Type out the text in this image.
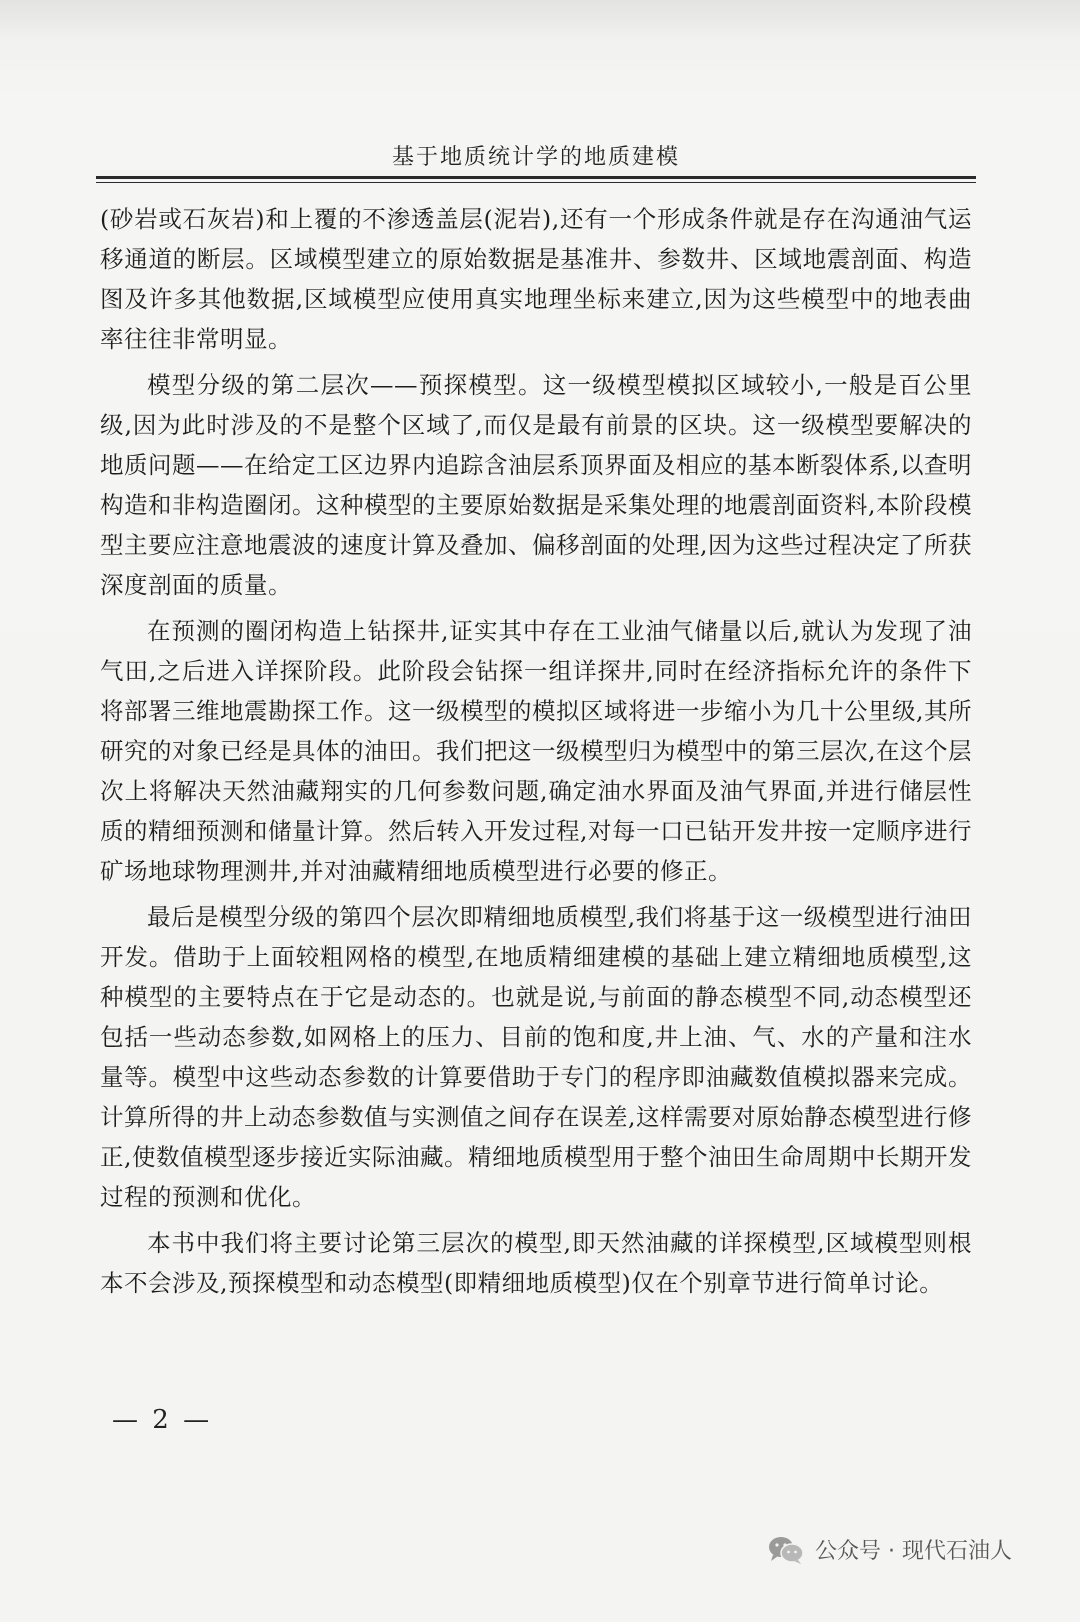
基于地质统计学的地质建模

(砂岩或石灰岩)和上覆的不渗透盖层(泥岩),还有一个形成条件就是存在沟通油气运移通道的断层。区域模型建立的原始数据是基准井、参数井、区域地震剖面、构造图及许多其他数据,区域模型应使用真实地理坐标来建立,因为这些模型中的地表曲率往往非常明显。

模型分级的第二层次——预探模型。这一级模型模拟区域较小,一般是百公里级,因为此时涉及的不是整个区域了,而仅是最有前景的区块。这一级模型要解决的地质问题——在给定工区边界内追踪含油层系顶界面及相应的基本断裂体系,以查明构造和非构造圈闭。这种模型的主要原始数据是采集处理的地震剖面资料,本阶段模型主要应注意地震波的速度计算及叠加、偏移剖面的处理,因为这些过程决定了所获深度剖面的质量。

在预测的圈闭构造上钻探井,证实其中存在工业油气储量以后,就认为发现了油气田,之后进入详探阶段。此阶段会钻探一组详探井,同时在经济指标允许的条件下将部署三维地震勘探工作。这一级模型的模拟区域将进一步缩小为几十公里级,其所研究的对象已经是具体的油田。我们把这一级模型归为模型中的第三层次,在这个层次上将解决天然油藏翔实的几何参数问题,确定油水界面及油气界面,并进行储层性质的精细预测和储量计算。然后转入开发过程,对每一口已钻开发井按一定顺序进行矿场地球物理测井,并对油藏精细地质模型进行必要的修正。

最后是模型分级的第四个层次即精细地质模型,我们将基于这一级模型进行油田开发。借助于上面较粗网格的模型,在地质精细建模的基础上建立精细地质模型,这种模型的主要特点在于它是动态的。也就是说,与前面的静态模型不同,动态模型还包括一些动态参数,如网格上的压力、目前的饱和度,井上油、气、水的产量和注水量等。模型中这些动态参数的计算要借助于专门的程序即油藏数值模拟器来完成。计算所得的井上动态参数值与实测值之间存在误差,这样需要对原始静态模型进行修正,使数值模型逐步接近实际油藏。精细地质模型用于整个油田生命周期中长期开发过程的预测和优化。

本书中我们将主要讨论第三层次的模型,即天然油藏的详探模型,区域模型则根本不会涉及,预探模型和动态模型(即精细地质模型)仅在个别章节进行简单讨论。

— 2 —
公众号 · 现代石油人
